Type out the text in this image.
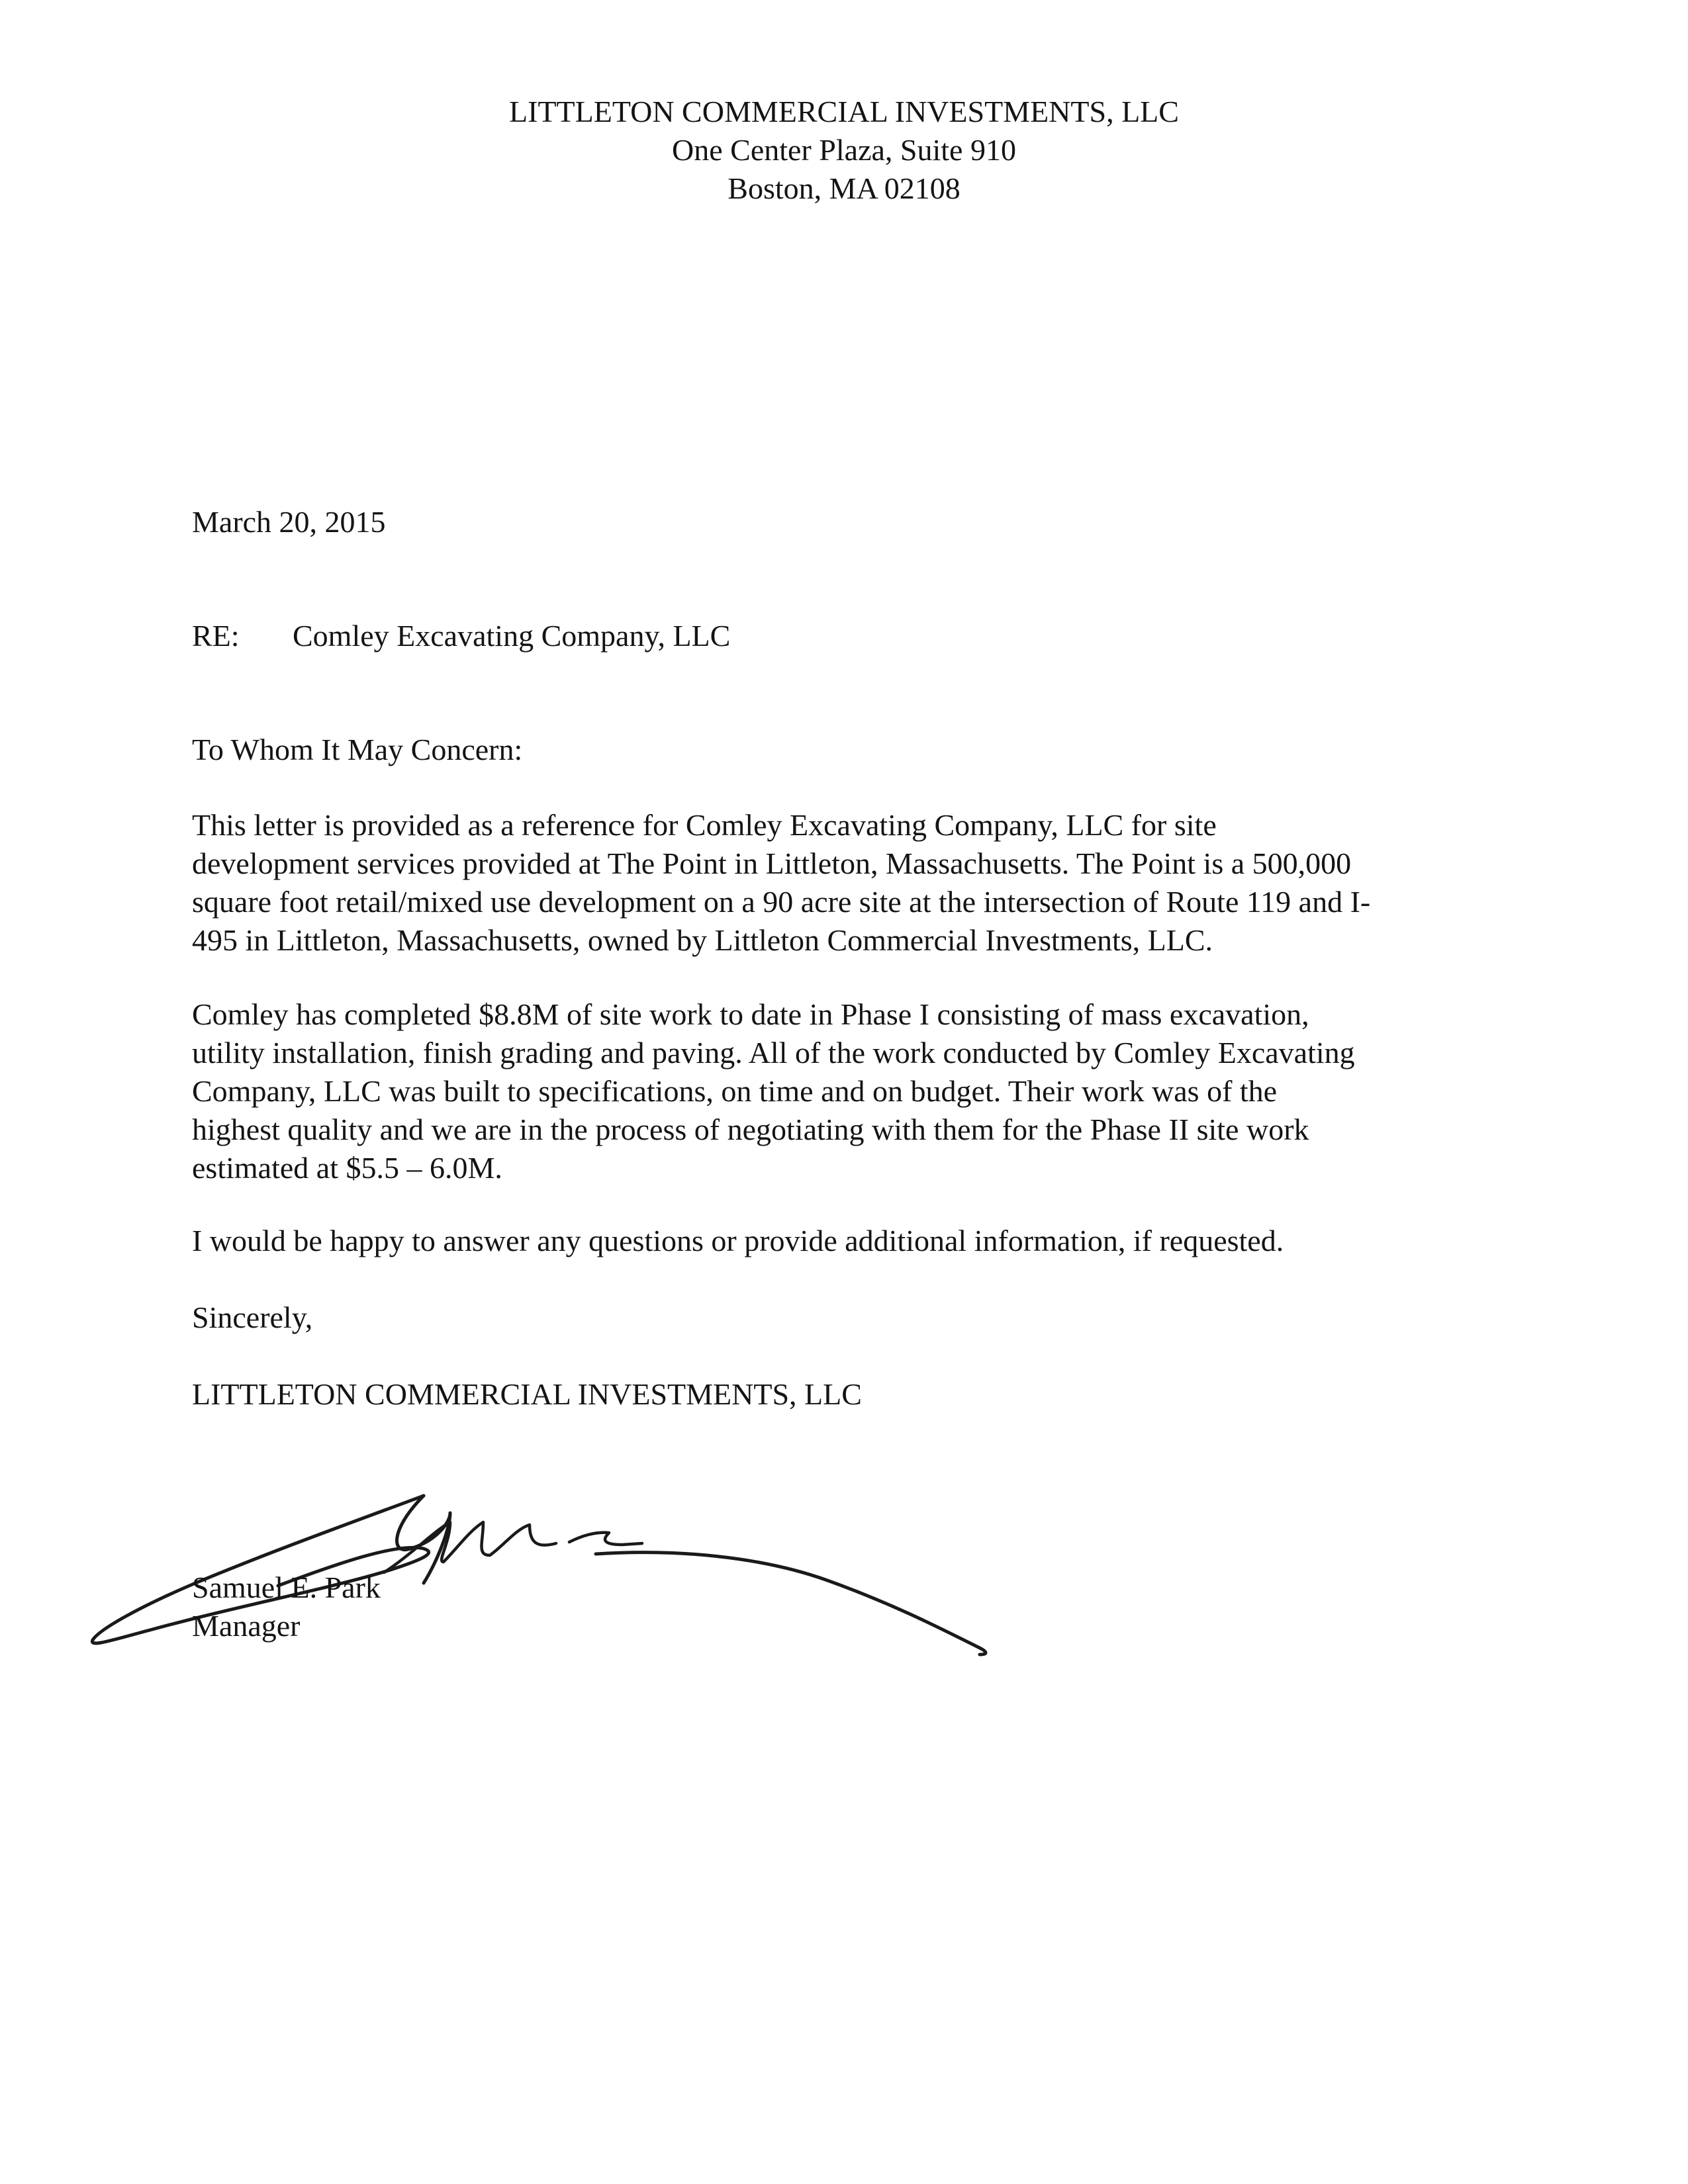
LITTLETON COMMERCIAL INVESTMENTS, LLC
One Center Plaza, Suite 910
Boston, MA 02108
March 20, 2015
RE: Comley Excavating Company, LLC
To Whom It May Concern:
This letter is provided as a reference for Comley Excavating Company, LLC for site
development services provided at The Point in Littleton, Massachusetts. The Point is a 500,000
square foot retail/mixed use development on a 90 acre site at the intersection of Route 119 and I-
495 in Littleton, Massachusetts, owned by Littleton Commercial Investments, LLC.
Comley has completed $8.8M of site work to date in Phase I consisting of mass excavation,
utility installation, finish grading and paving. All of the work conducted by Comley Excavating
Company, LLC was built to specifications, on time and on budget. Their work was of the
highest quality and we are in the process of negotiating with them for the Phase II site work
estimated at $5.5 – 6.0M.
I would be happy to answer any questions or provide additional information, if requested.
Sincerely,
LITTLETON COMMERCIAL INVESTMENTS, LLC
Samuel E. Park
Manager
